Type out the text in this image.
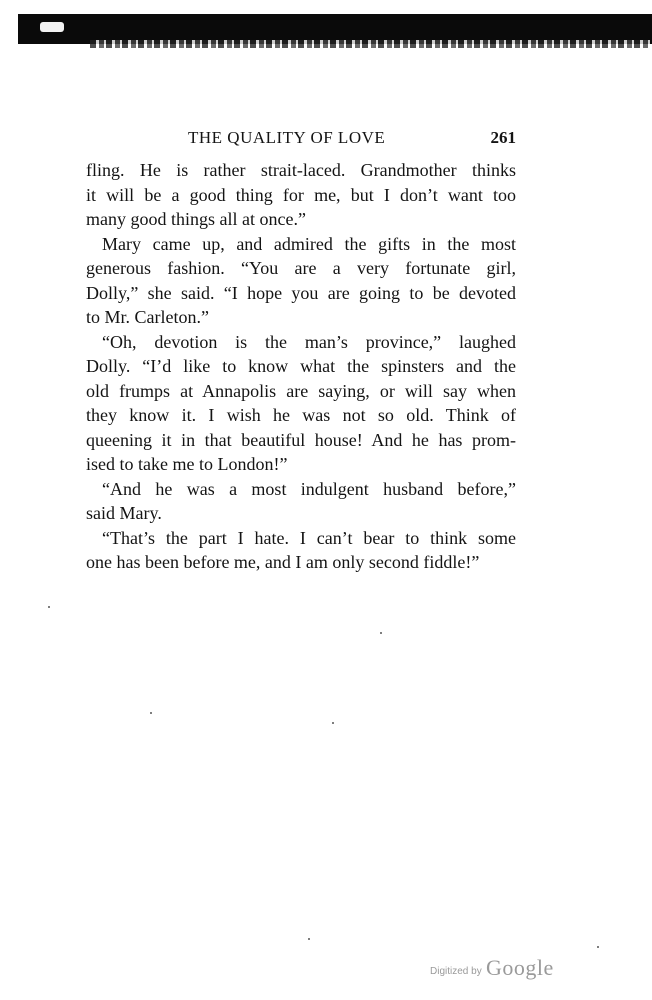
THE QUALITY OF LOVE	261
fling. He is rather strait-laced. Grandmother thinks
it will be a good thing for me, but I don’t want too
many good things all at once.”
Mary came up, and admired the gifts in the most
generous fashion. “You are a very fortunate girl,
Dolly,” she said. “I hope you are going to be devoted
to Mr. Carleton.”
“Oh, devotion is the man’s province,” laughed
Dolly. “I’d like to know what the spinsters and the
old frumps at Annapolis are saying, or will say when
they know it. I wish he was not so old. Think of
queening it in that beautiful house! And he has prom-
ised to take me to London!”
“And he was a most indulgent husband before,”
said Mary.
“That’s the part I hate. I can’t bear to think some
one has been before me, and I am only second fiddle!”
Digitized by Google
